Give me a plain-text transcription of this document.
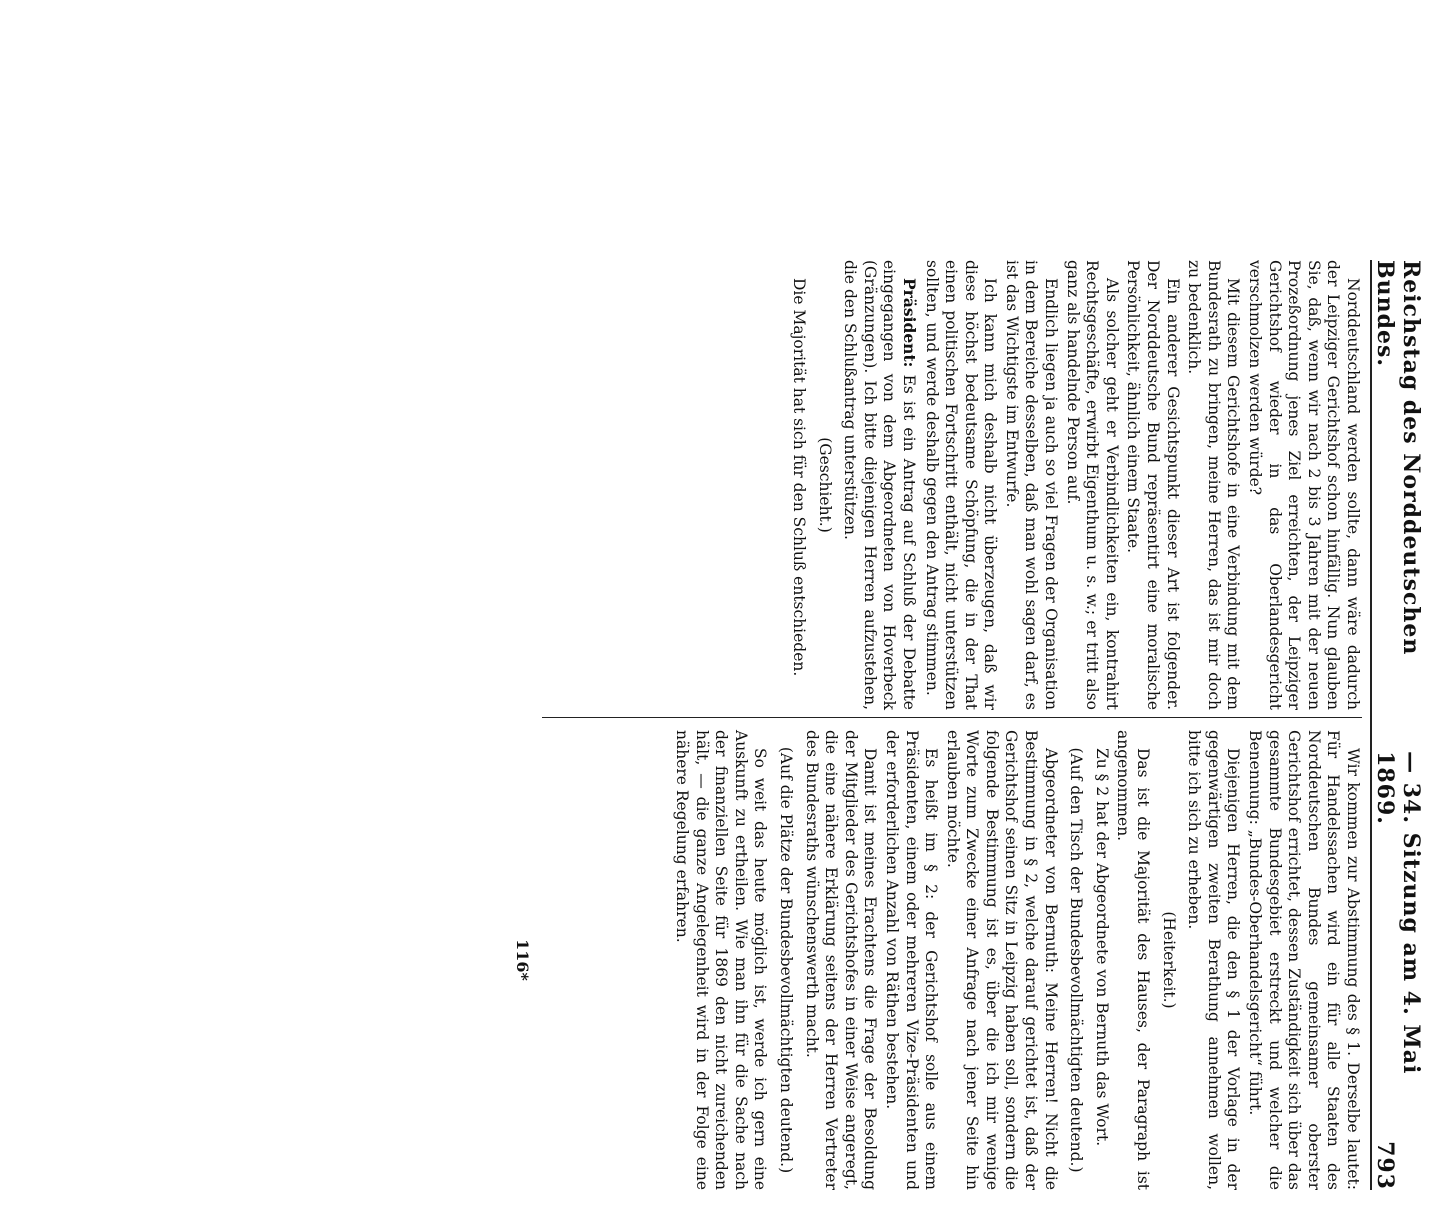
Reichstag des Norddeutschen Bundes.
— 34. Sitzung am 4. Mai 1869.
793

Norddeutschland werden sollte, dann wäre dadurch der Leipziger Gerichtshof schon hinfällig. Nun glauben Sie, daß, wenn wir nach 2 bis 3 Jahren mit der neuen Prozeßordnung jenes Ziel erreichten, der Leipziger Gerichtshof wieder in das Oberlandesgericht verschmolzen werden würde?

Mit diesem Gerichtshofe in eine Verbindung mit dem Bundesrath zu bringen, meine Herren, das ist mir doch zu bedenklich.

Ein anderer Gesichtspunkt dieser Art ist folgender. Der Norddeutsche Bund repräsentirt eine moralische Persönlichkeit, ähnlich einem Staate.

Als solcher geht er Verbindlichkeiten ein, kontrahirt Rechtsgeschäfte, erwirbt Eigenthum u. s. w.; er tritt also ganz als handelnde Person auf.

Endlich liegen ja auch so viel Fragen der Organisation in dem Bereiche desselben, daß man wohl sagen darf, es ist das Wichtigste im Entwurfe.

Ich kann mich deshalb nicht überzeugen, daß wir diese höchst bedeutsame Schöpfung, die in der That einen politischen Fortschritt enthält, nicht unterstützen sollten, und werde deshalb gegen den Antrag stimmen.

Präsident: Es ist ein Antrag auf Schluß der Debatte eingegangen von dem Abgeordneten von Hoverbeck (Gränzungen). Ich bitte diejenigen Herren aufzustehen, die den Schlußantrag unterstützen.

(Geschieht.)

Die Majorität hat sich für den Schluß entschieden.

Wir kommen zur Abstimmung des § 1. Derselbe lautet: Für Handelssachen wird ein für alle Staaten des Norddeutschen Bundes gemeinsamer oberster Gerichtshof errichtet, dessen Zuständigkeit sich über das gesammte Bundesgebiet erstreckt und welcher die Benennung: „Bundes-Oberhandelsgericht“ führt.

Diejenigen Herren, die den § 1 der Vorlage in der gegenwärtigen zweiten Berathung annehmen wollen, bitte ich sich zu erheben.

(Heiterkeit.)

Das ist die Majorität des Hauses, der Paragraph ist angenommen.

Zu § 2 hat der Abgeordnete von Bernuth das Wort.

(Auf den Tisch der Bundesbevollmächtigten deutend.)

Abgeordneter von Bernuth: Meine Herren! Nicht die Bestimmung in § 2, welche darauf gerichtet ist, daß der Gerichtshof seinen Sitz in Leipzig haben soll, sondern die folgende Bestimmung ist es, über die ich mir wenige Worte zum Zwecke einer Anfrage nach jener Seite hin erlauben möchte.

Es heißt im § 2: der Gerichtshof solle aus einem Präsidenten, einem oder mehreren Vize-Präsidenten und der erforderlichen Anzahl von Räthen bestehen.

Damit ist meines Erachtens die Frage der Besoldung der Mitglieder des Gerichtshofes in einer Weise angeregt, die eine nähere Erklärung seitens der Herren Vertreter des Bundesraths wünschenswerth macht.

(Auf die Plätze der Bundesbevollmächtigten deutend.)

So weit das heute möglich ist, werde ich gern eine Auskunft zu ertheilen. Wie man ihn für die Sache nach der finanziellen Seite für 1869 den nicht zureichenden hält, — die ganze Angelegenheit wird in der Folge eine nähere Regelung erfahren.

116*
